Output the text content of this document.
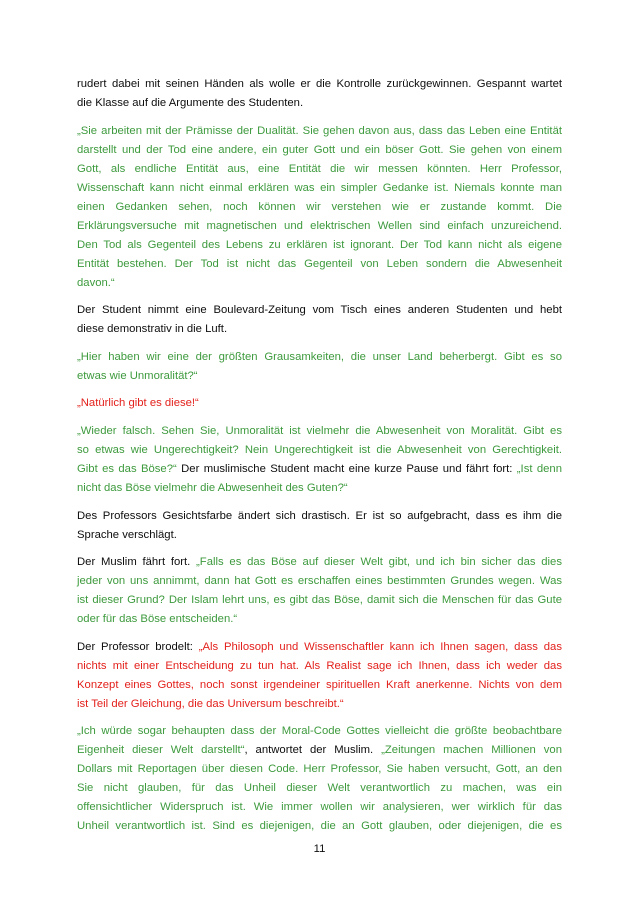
rudert dabei mit seinen Händen als wolle er die Kontrolle zurückgewinnen. Gespannt wartet
die Klasse auf die Argumente des Studenten.
„Sie arbeiten mit der Prämisse der Dualität. Sie gehen davon aus, dass das Leben eine Entität
darstellt und der Tod eine andere, ein guter Gott und ein böser Gott. Sie gehen von einem
Gott, als endliche Entität aus, eine Entität die wir messen könnten. Herr Professor,
Wissenschaft kann nicht einmal erklären was ein simpler Gedanke ist. Niemals konnte man
einen Gedanken sehen, noch können wir verstehen wie er zustande kommt. Die
Erklärungsversuche mit magnetischen und elektrischen Wellen sind einfach unzureichend.
Den Tod als Gegenteil des Lebens zu erklären ist ignorant. Der Tod kann nicht als eigene
Entität bestehen. Der Tod ist nicht das Gegenteil von Leben sondern die Abwesenheit
davon.“
Der Student nimmt eine Boulevard-Zeitung vom Tisch eines anderen Studenten und hebt
diese demonstrativ in die Luft.
„Hier haben wir eine der größten Grausamkeiten, die unser Land beherbergt. Gibt es so
etwas wie Unmoralität?“
„Natürlich gibt es diese!“
„Wieder falsch. Sehen Sie, Unmoralität ist vielmehr die Abwesenheit von Moralität. Gibt es
so etwas wie Ungerechtigkeit? Nein Ungerechtigkeit ist die Abwesenheit von Gerechtigkeit.
Gibt es das Böse?“ Der muslimische Student macht eine kurze Pause und fährt fort: „Ist denn
nicht das Böse vielmehr die Abwesenheit des Guten?“
Des Professors Gesichtsfarbe ändert sich drastisch. Er ist so aufgebracht, dass es ihm die
Sprache verschlägt.
Der Muslim fährt fort. „Falls es das Böse auf dieser Welt gibt, und ich bin sicher das dies
jeder von uns annimmt, dann hat Gott es erschaffen eines bestimmten Grundes wegen. Was
ist dieser Grund? Der Islam lehrt uns, es gibt das Böse, damit sich die Menschen für das Gute
oder für das Böse entscheiden.“
Der Professor brodelt: „Als Philosoph und Wissenschaftler kann ich Ihnen sagen, dass das
nichts mit einer Entscheidung zu tun hat. Als Realist sage ich Ihnen, dass ich weder das
Konzept eines Gottes, noch sonst irgendeiner spirituellen Kraft anerkenne. Nichts von dem
ist Teil der Gleichung, die das Universum beschreibt.“
„Ich würde sogar behaupten dass der Moral-Code Gottes vielleicht die größte beobachtbare
Eigenheit dieser Welt darstellt“, antwortet der Muslim. „Zeitungen machen Millionen von
Dollars mit Reportagen über diesen Code. Herr Professor, Sie haben versucht, Gott, an den
Sie nicht glauben, für das Unheil dieser Welt verantwortlich zu machen, was ein
offensichtlicher Widerspruch ist. Wie immer wollen wir analysieren, wer wirklich für das
Unheil verantwortlich ist. Sind es diejenigen, die an Gott glauben, oder diejenigen, die es
11
